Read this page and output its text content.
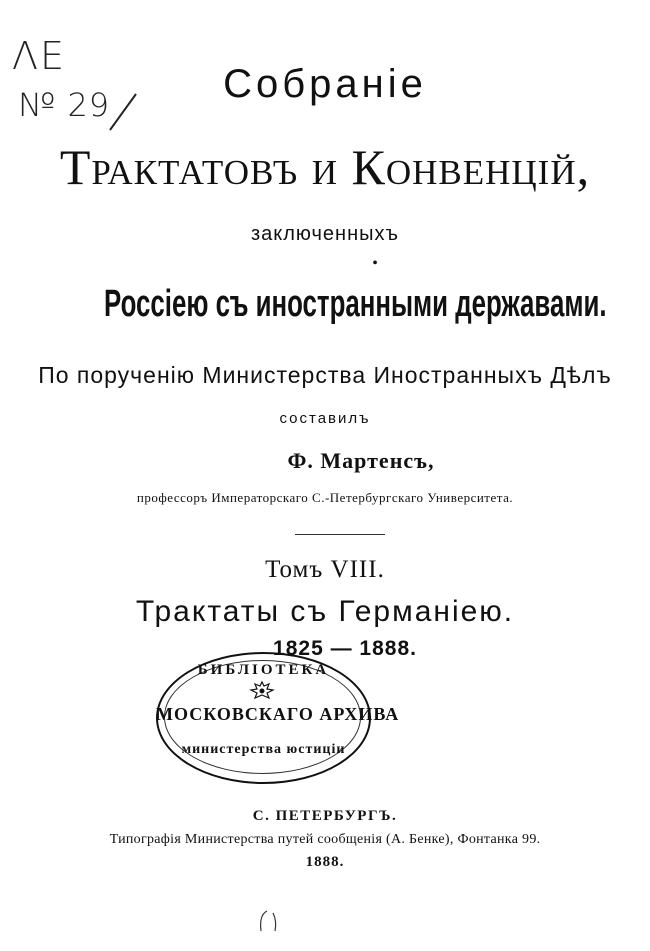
ΛЕ
№ 29	Собранiе
Трактатовъ и Конвенцiй,
заключенныхъ
•
Россiею съ иностранными державами.
По порученiю Министерства Иностранныхъ Дѣлъ
составилъ
Ф. Мартенсъ,
профессоръ Императорскаго С.-Петербургскаго Университета.
Томъ VIII.
Трактаты съ Германiею.
1825 — 1888.
БИБЛIОТЕКА
МОСКОВСКАГО АРХИВА
министерства юстицiи
С. ПЕТЕРБУРГЪ.
Типографiя Министерства путей сообщенiя (А. Бенке), Фонтанка 99.
1888.
